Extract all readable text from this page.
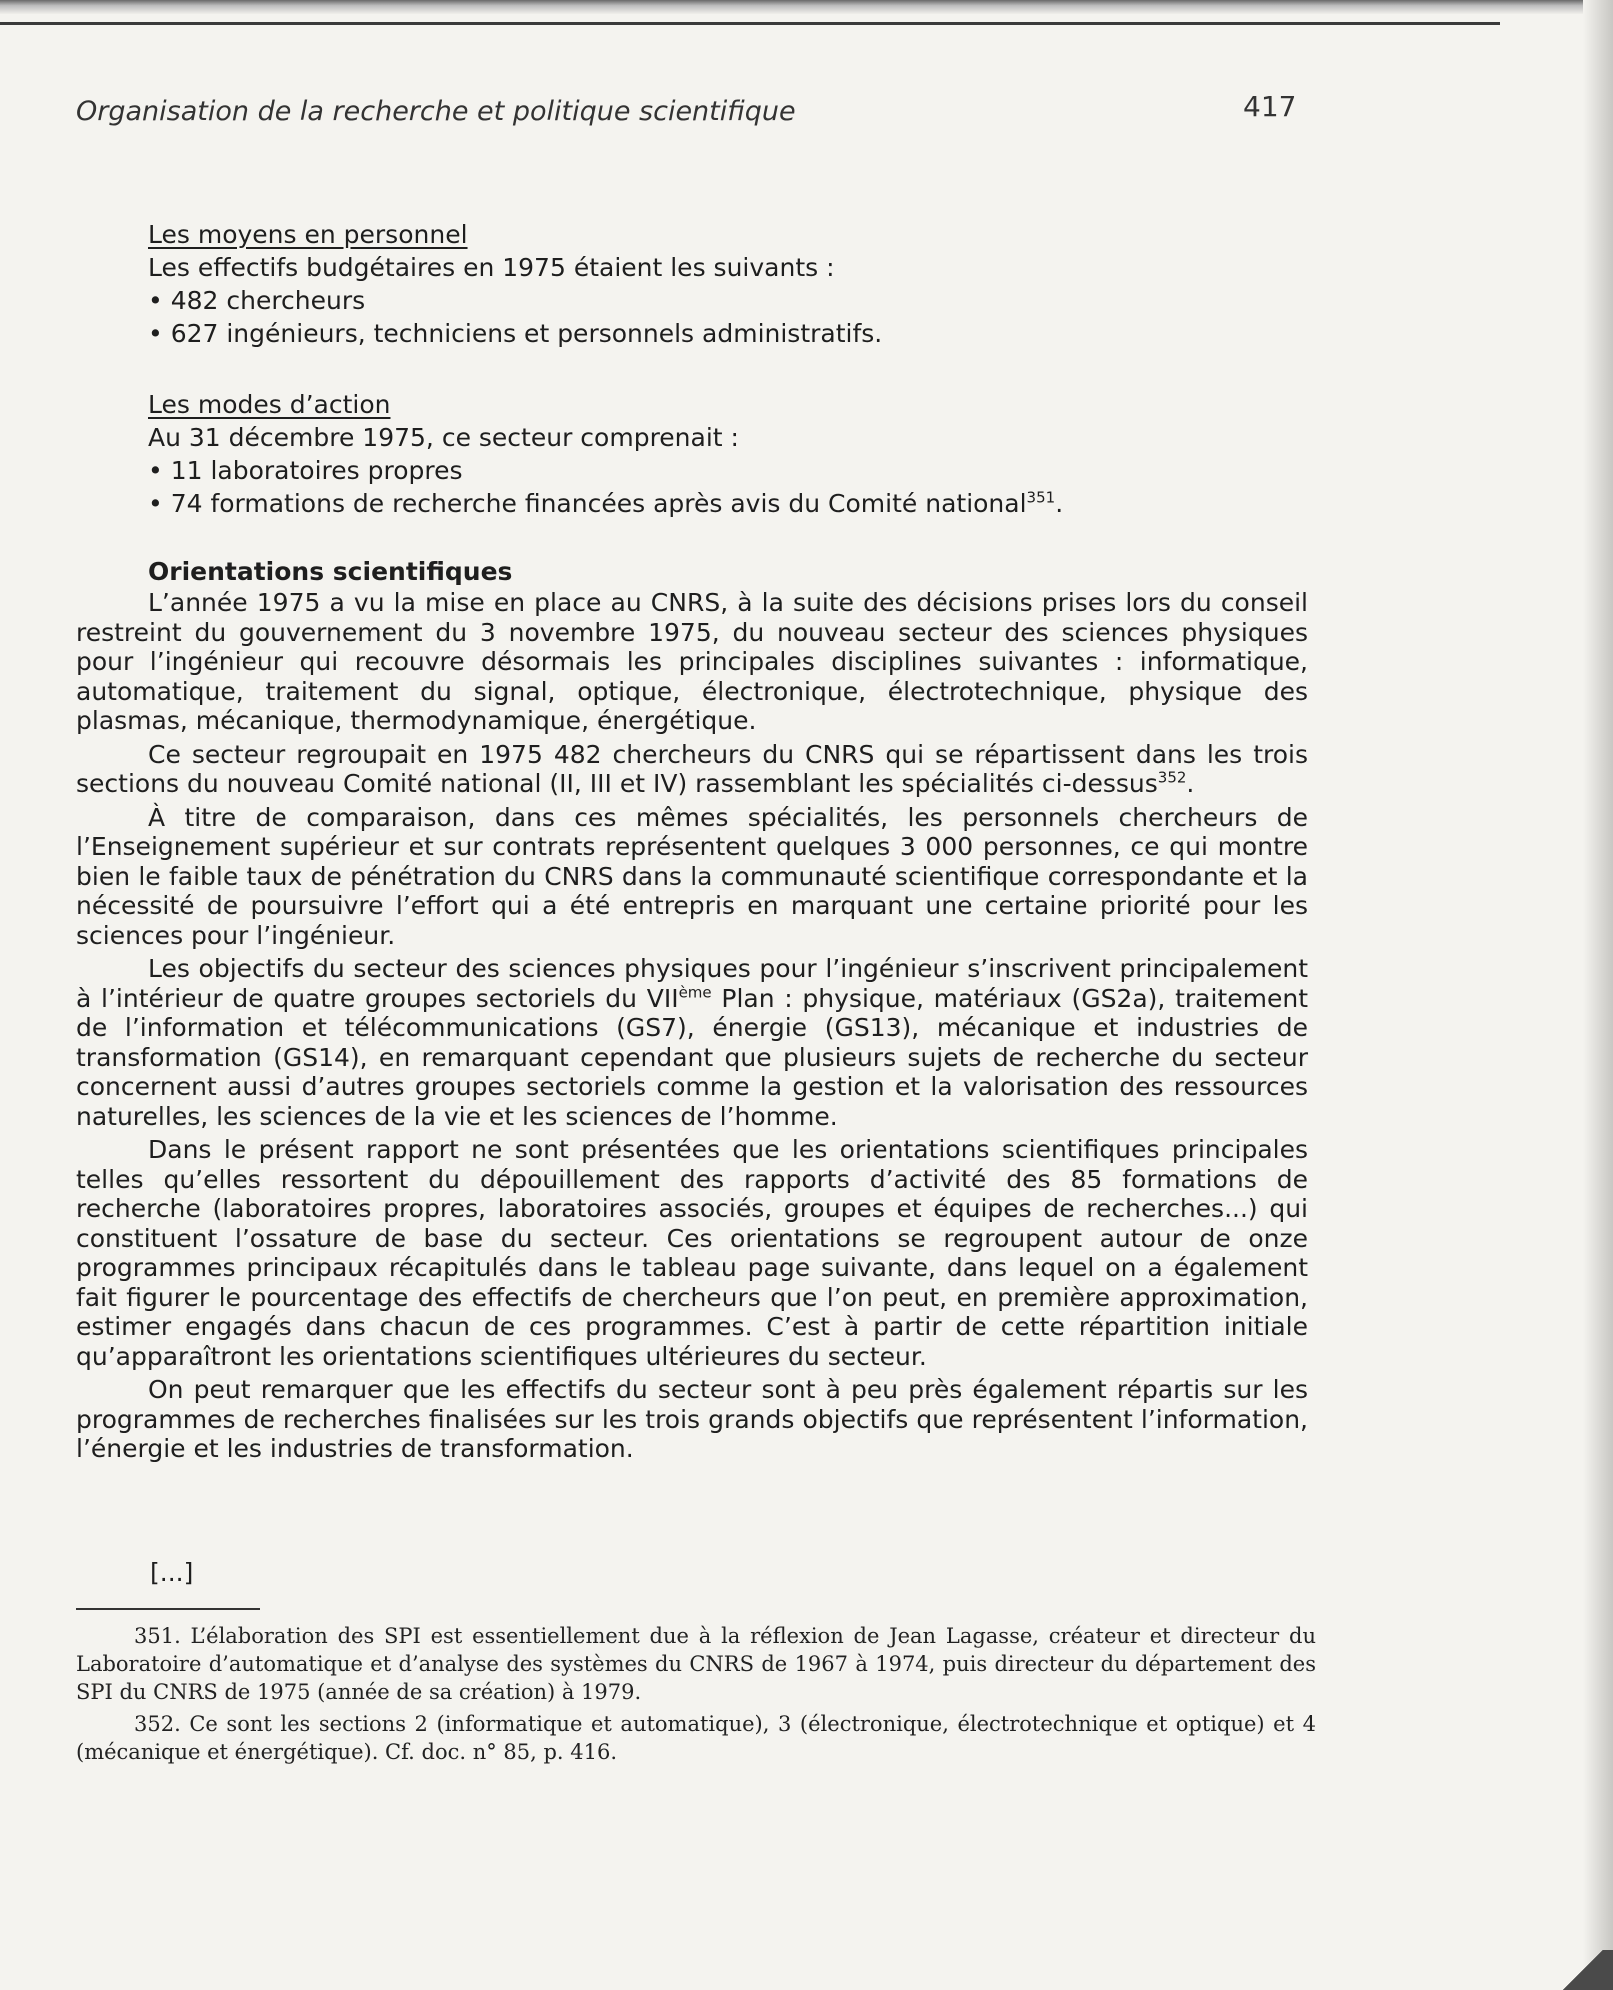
Organisation de la recherche et politique scientifique	417
Les moyens en personnel
Les effectifs budgétaires en 1975 étaient les suivants :
• 482 chercheurs
• 627 ingénieurs, techniciens et personnels administratifs.
Les modes d’action
Au 31 décembre 1975, ce secteur comprenait :
• 11 laboratoires propres
• 74 formations de recherche financées après avis du Comité national$^{351}$.
Orientations scientifiques

L’année 1975 a vu la mise en place au CNRS, à la suite des décisions prises lors du conseil restreint du gouvernement du 3 novembre 1975, du nouveau secteur des sciences physiques pour l’ingénieur qui recouvre désormais les principales disciplines suivantes : informatique, automatique, traitement du signal, optique, électronique, électrotechnique, physique des plasmas, mécanique, thermodynamique, énergétique.

Ce secteur regroupait en 1975 482 chercheurs du CNRS qui se répartissent dans les trois sections du nouveau Comité national (II, III et IV) rassemblant les spécialités ci-dessus$^{352}$.

À titre de comparaison, dans ces mêmes spécialités, les personnels chercheurs de l’Enseignement supérieur et sur contrats représentent quelques 3 000 personnes, ce qui montre bien le faible taux de pénétration du CNRS dans la communauté scientifique correspondante et la nécessité de poursuivre l’effort qui a été entrepris en marquant une certaine priorité pour les sciences pour l’ingénieur.

Les objectifs du secteur des sciences physiques pour l’ingénieur s’inscrivent principalement à l’intérieur de quatre groupes sectoriels du VIIème Plan : physique, matériaux (GS2a), traitement de l’information et télécommunications (GS7), énergie (GS13), mécanique et industries de transformation (GS14), en remarquant cependant que plusieurs sujets de recherche du secteur concernent aussi d’autres groupes sectoriels comme la gestion et la valorisation des ressources naturelles, les sciences de la vie et les sciences de l’homme.

Dans le présent rapport ne sont présentées que les orientations scientifiques principales telles qu’elles ressortent du dépouillement des rapports d’activité des 85 formations de recherche (laboratoires propres, laboratoires associés, groupes et équipes de recherches...) qui constituent l’ossature de base du secteur. Ces orientations se regroupent autour de onze programmes principaux récapitulés dans le tableau page suivante, dans lequel on a également fait figurer le pourcentage des effectifs de chercheurs que l’on peut, en première approximation, estimer engagés dans chacun de ces programmes. C’est à partir de cette répartition initiale qu’apparaîtront les orientations scientifiques ultérieures du secteur.

On peut remarquer que les effectifs du secteur sont à peu près également répartis sur les programmes de recherches finalisées sur les trois grands objectifs que représentent l’information, l’énergie et les industries de transformation.

[...]

351. L’élaboration des SPI est essentiellement due à la réflexion de Jean Lagasse, créateur et directeur du Laboratoire d’automatique et d’analyse des systèmes du CNRS de 1967 à 1974, puis directeur du département des SPI du CNRS de 1975 (année de sa création) à 1979.

352. Ce sont les sections 2 (informatique et automatique), 3 (électronique, électrotechnique et optique) et 4 (mécanique et énergétique). Cf. doc. n° 85, p. 416.
